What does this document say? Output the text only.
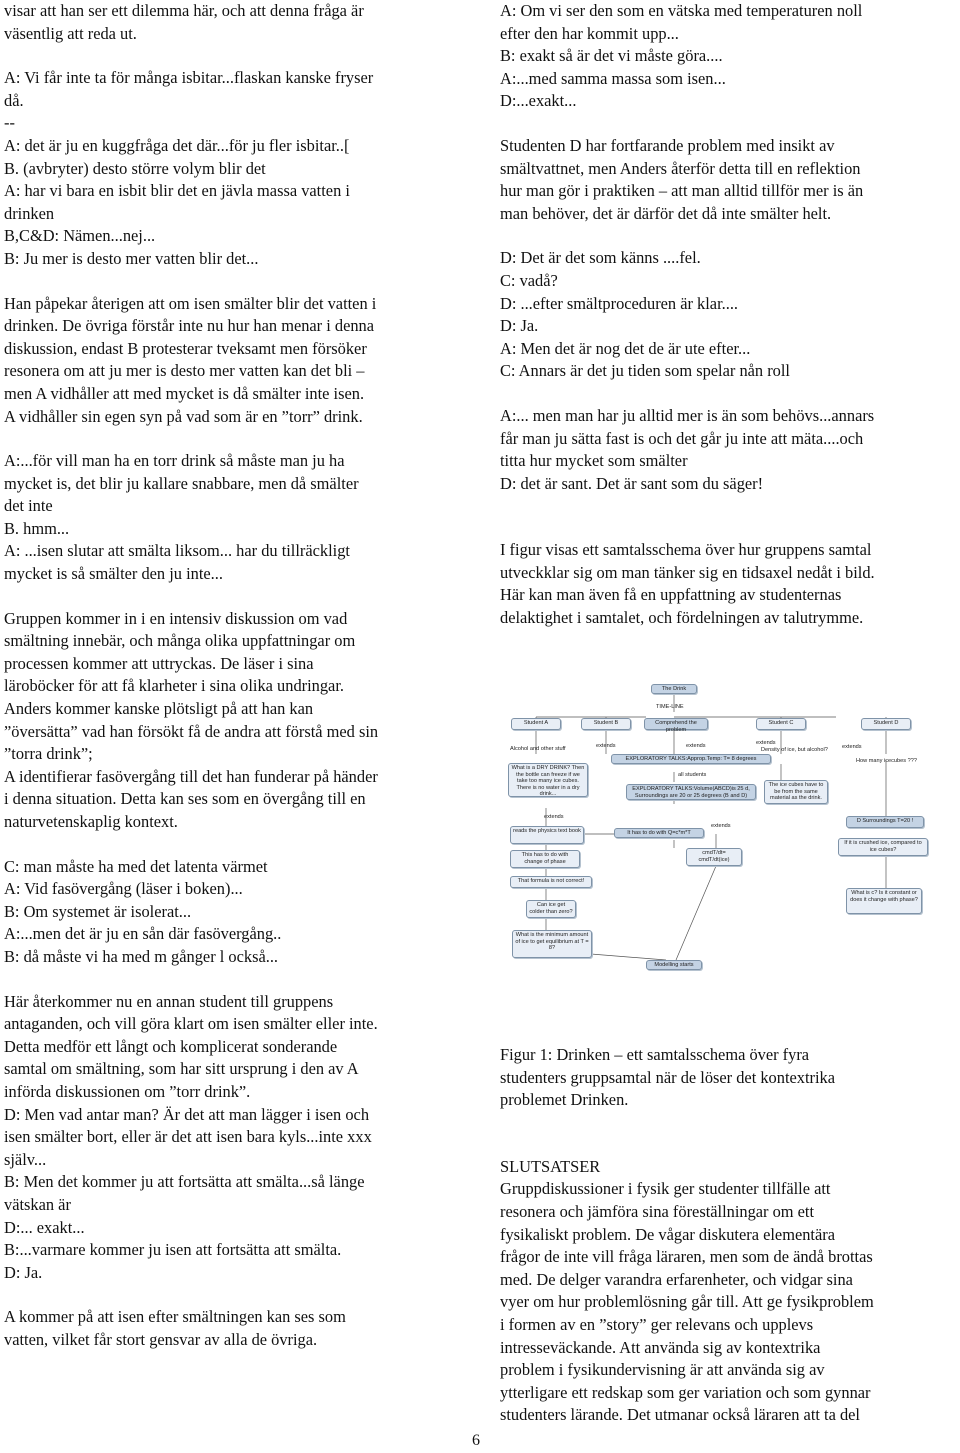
visar att han ser ett dilemma här, och att denna fråga är
väsentlig att reda ut.
A: Vi får inte ta för många isbitar...flaskan kanske fryser
då.
--
A: det är ju en kuggfråga det där...för ju fler isbitar..[
B. (avbryter) desto större volym blir det
A: har vi bara en isbit blir det en jävla massa vatten i
drinken
B,C&D: Nämen...nej...
B: Ju mer is desto mer vatten blir det...
Han påpekar återigen att om isen smälter blir det vatten i
drinken. De övriga förstår inte nu hur han menar i denna
diskussion, endast B protesterar tveksamt men försöker
resonera om att ju mer is desto mer vatten kan det bli –
men A vidhåller att med mycket is då smälter inte isen.
A vidhåller sin egen syn på vad som är en ”torr” drink.
A:...för vill man ha en torr drink så måste man ju ha
mycket is, det blir ju kallare snabbare, men då smälter
det inte
B. hmm...
A: ...isen slutar att smälta liksom... har du tillräckligt
mycket is så smälter den ju inte...
Gruppen kommer in i en intensiv diskussion om vad
smältning innebär, och många olika uppfattningar om
processen kommer att uttryckas. De läser i sina
läroböcker för att få klarheter i sina olika undringar.
Anders kommer kanske plötsligt på att han kan
”översätta” vad han försökt få de andra att förstå med sin
”torra drink”;
A identifierar fasövergång till det han funderar på händer
i denna situation. Detta kan ses som en övergång till en
naturvetenskaplig kontext.
C: man måste ha med det latenta värmet
A: Vid fasövergång (läser i boken)...
B: Om systemet är isolerat...
A:...men det är ju en sån där fasövergång..
B: då måste vi ha med m gånger l också...
Här återkommer nu en annan student till gruppens
antaganden, och vill göra klart om isen smälter eller inte.
Detta medför ett långt och komplicerat sonderande
samtal om smältning, som har sitt ursprung i den av A
införda diskussionen om ”torr drink”.
D: Men vad antar man? Är det att man lägger i isen och
isen smälter bort, eller är det att isen bara kyls...inte xxx
själv...
B: Men det kommer ju att fortsätta att smälta...så länge
vätskan är
D:... exakt...
B:...varmare kommer ju isen att fortsätta att smälta.
D: Ja.
A kommer på att isen efter smältningen kan ses som
vatten, vilket får stort gensvar av alla de övriga.
A: Om vi ser den som en vätska med temperaturen noll
efter den har kommit upp...
B: exakt så är det vi måste göra....
A:...med samma massa som isen...
D:...exakt...
Studenten D har fortfarande problem med insikt av
smältvattnet, men Anders återför detta till en reflektion
hur man gör i praktiken – att man alltid tillför mer is än
man behöver, det är därför det då inte smälter helt.
D: Det är det som känns ....fel.
C: vadå?
D: ...efter smältproceduren är klar....
D: Ja.
A: Men det är nog det de är ute efter...
C: Annars är det ju tiden som spelar nån roll
A:... men man har ju alltid mer is än som behövs...annars
får man ju sätta fast is och det går ju inte att mäta....och
titta hur mycket som smälter
D: det är sant. Det är sant som du säger!
I figur visas ett samtalsschema över hur gruppens samtal
utveckklar sig om man tänker sig en tidsaxel nedåt i bild.
Här kan man även få en uppfattning av studenternas
delaktighet i samtalet, och fördelningen av talutrymme.
Figur 1: Drinken – ett samtalsschema över fyra
studenters gruppsamtal när de löser det kontextrika
problemet Drinken.
SLUTSATSER
Gruppdiskussioner i fysik ger studenter tillfälle att
resonera och jämföra sina föreställningar om ett
fysikaliskt problem. De vågar diskutera elementära
frågor de inte vill fråga läraren, men som de ändå brottas
med. De delger varandra erfarenheter, och vidgar sina
vyer om hur problemlösning går till. Att ge fysikproblem
i formen av en ”story” ger relevans och upplevs
intresseväckande. Att använda sig av kontextrika
problem i fysikundervisning är att använda sig av
ytterligare ett redskap som ger variation och som gynnar
studenters lärande. Det utmanar också läraren att ta del
The Drink
TIME-LINE
Student A	Student B	Comprehend the problem
Student C	Student D
Alcohol and other stuff	extends	extends	extends
Density of ice, but alcohol?	extends
How many icecubes ???
EXPLORATORY TALKS:Approp.Temp: T= 8 degrees
What is a DRY DRINK? Then the bottle can freeze if we take too many ice cubes. There is no water in a dry drink...
all students
EXPLORATORY TALKS:Volume(ABCD)is 25 d, Surroundings are 20 or 25 degrees (B and D)
The ice cubes have to be from the same material as the drink.
extends
reads the physics text book	It has to do with Q=c*m*T
D Surroundings T=20 !
extends
This has to do with change of phase
cmdT/dt= cmdT/dt(ice)
If it is crushed ice, compared to ice cubes?
That formula is not correct!
Can ice get colder than zero?
What is c? Is it constant or does it change with phase?
What is the minimum amount of ice to get equilibrium at T = 8?
Modelling starts
6
